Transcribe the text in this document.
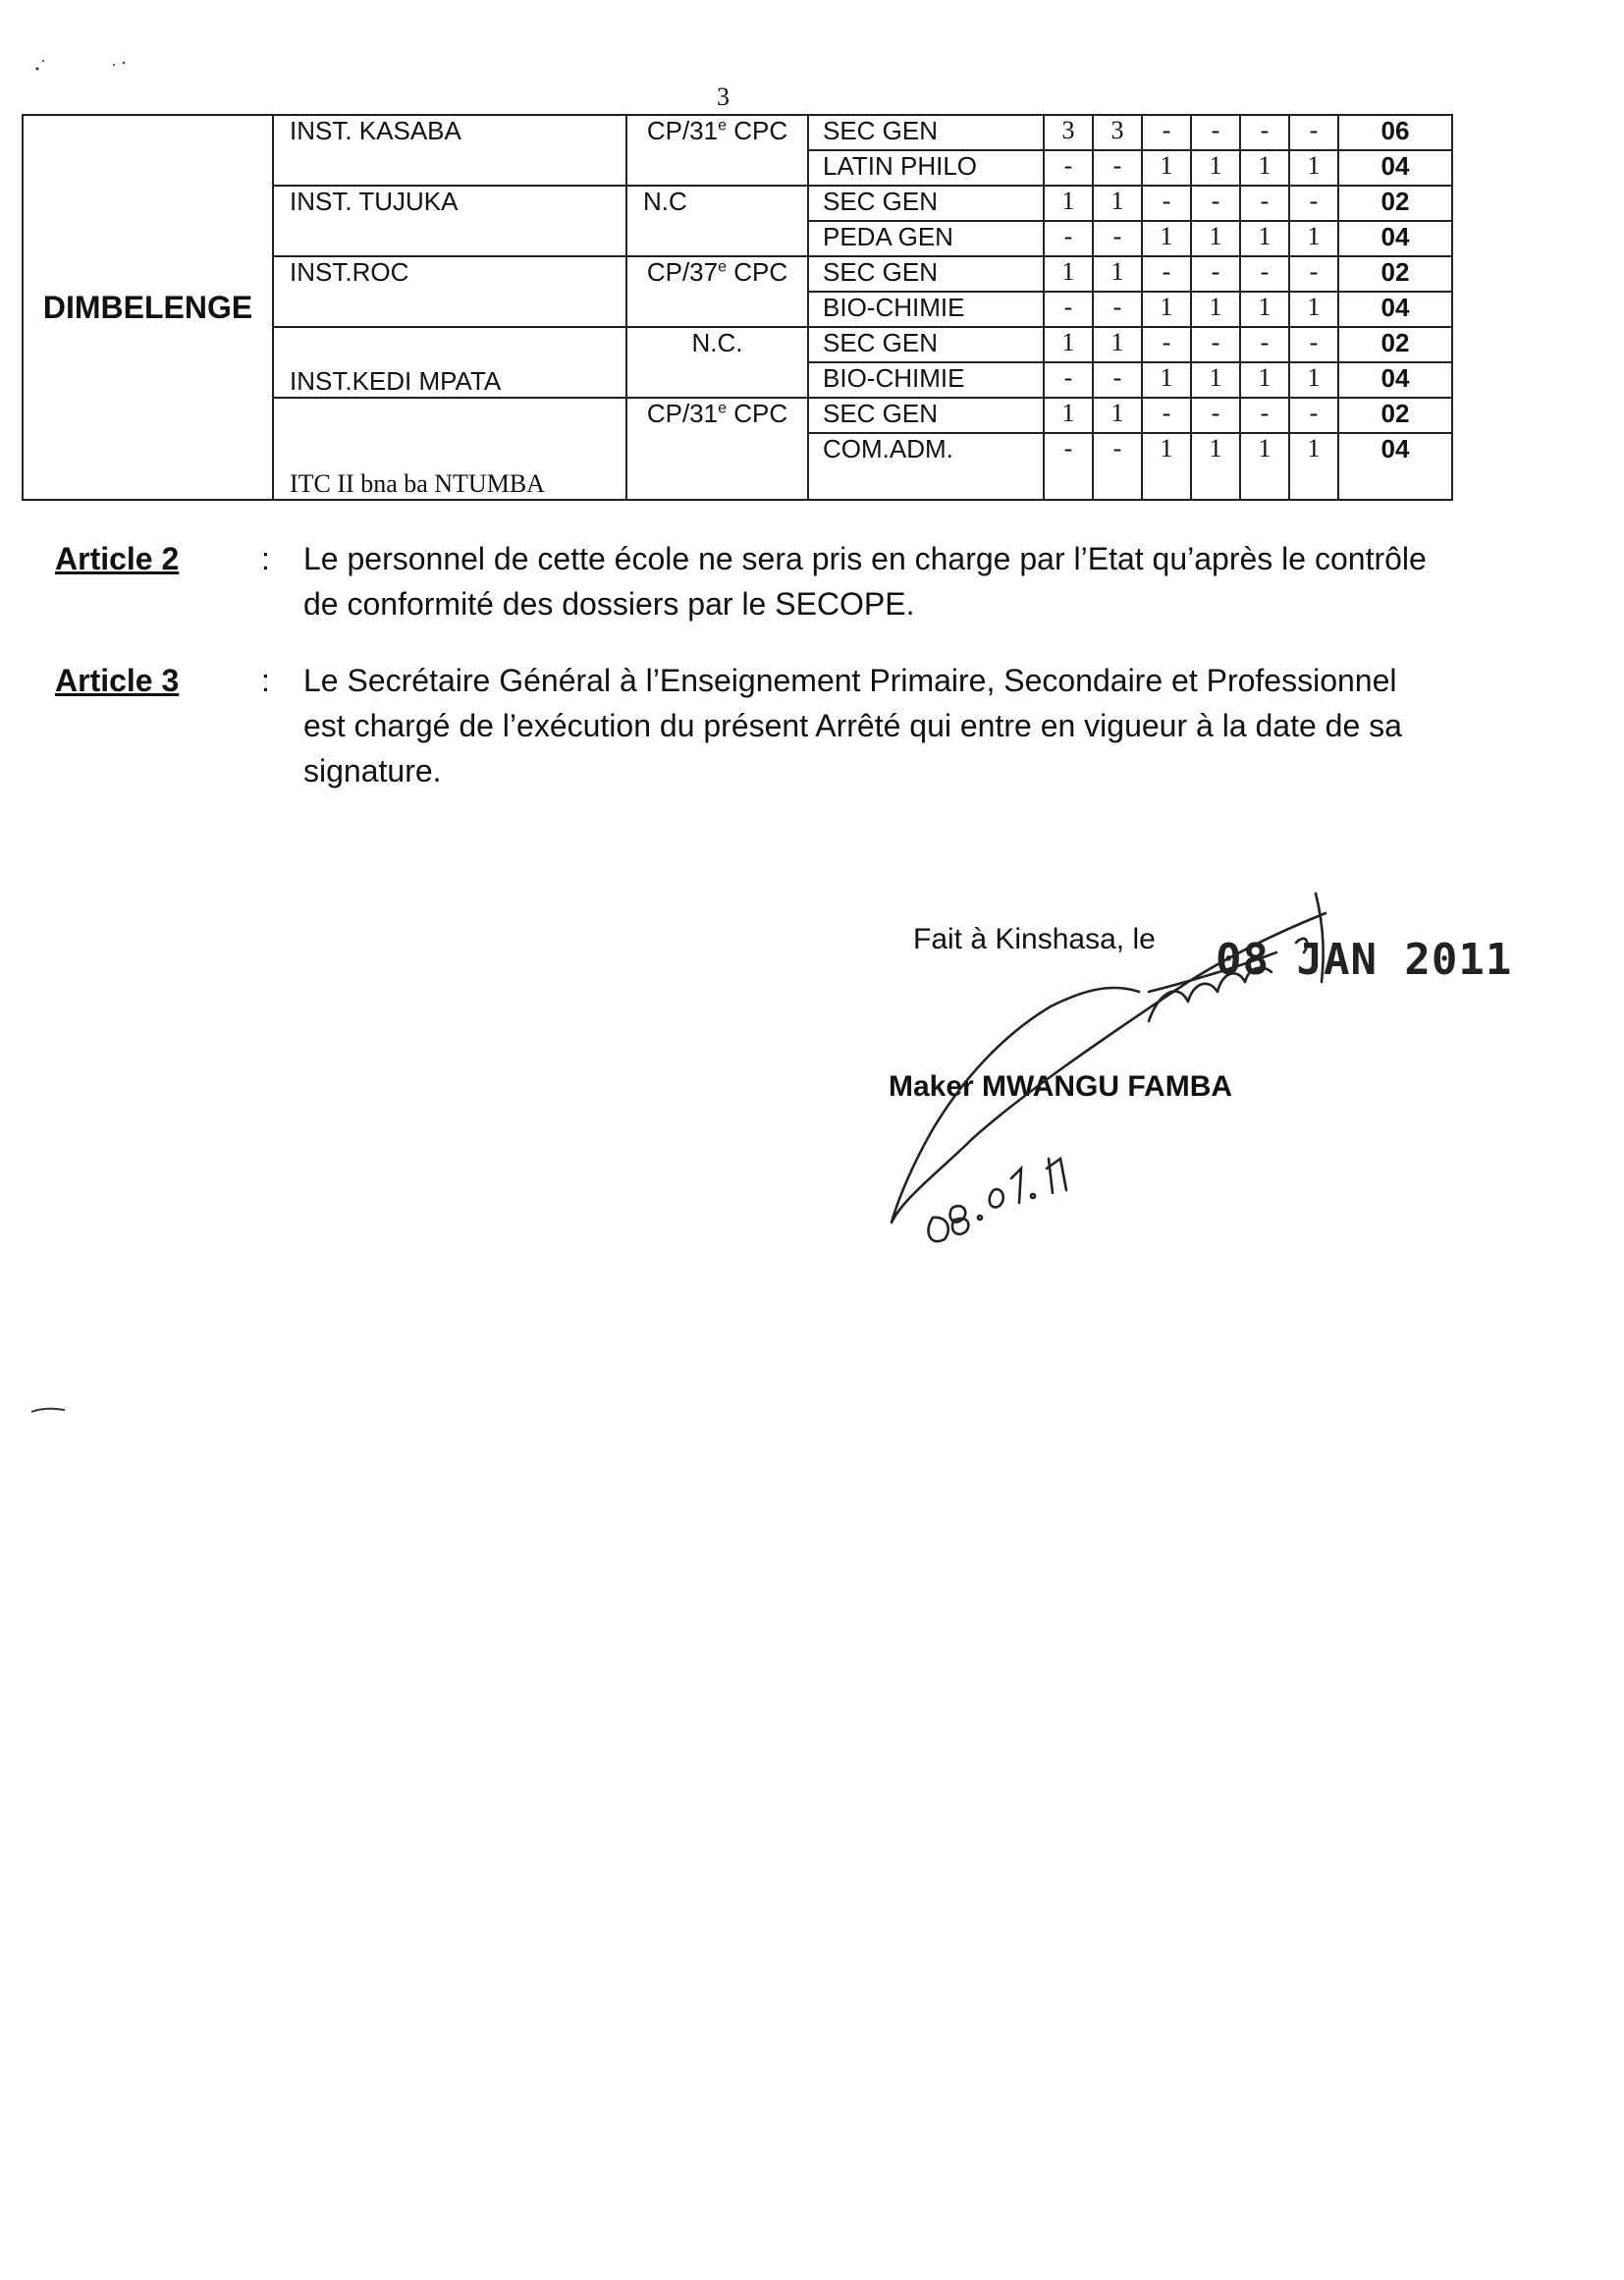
3
DIMBELENGE	INST. KASABA	CP/31e CPC	SEC GEN	3	3	-	-	-	-	06
			LATIN PHILO	-	-	1	1	1	1	04
	INST. TUJUKA	N.C	SEC GEN	1	1	-	-	-	-	02
			PEDA GEN	-	-	1	1	1	1	04
	INST.ROC	CP/37e CPC	SEC GEN	1	1	-	-	-	-	02
			BIO-CHIMIE	-	-	1	1	1	1	04
	INST.KEDI MPATA	N.C.	SEC GEN	1	1	-	-	-	-	02
			BIO-CHIMIE	-	-	1	1	1	1	04
	ITC II bna ba NTUMBA	CP/31e CPC	SEC GEN	1	1	-	-	-	-	02
			COM.ADM.	-	-	1	1	1	1	04
Article 2	: Le personnel de cette école ne sera pris en charge par l’Etat qu’après le contrôle de conformité des dossiers par le SECOPE.
Article 3	: Le Secrétaire Général à l’Enseignement Primaire, Secondaire et Professionnel est chargé de l’exécution du présent Arrêté qui entre en vigueur à la date de sa signature.
Fait à Kinshasa, le 08 JAN 2011
Maker MWANGU FAMBA
